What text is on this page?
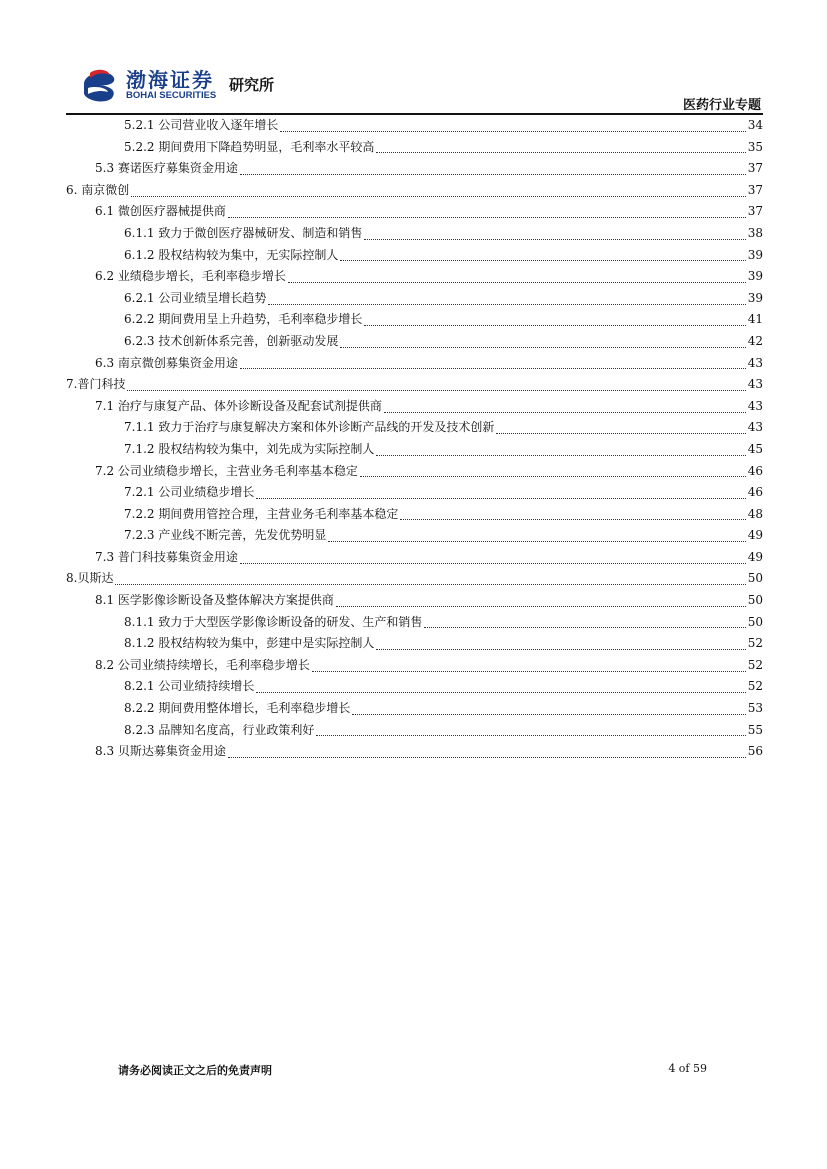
渤海证券
BOHAI SECURITIES
研究所
医药行业专题
5.2.1 公司营业收入逐年增长	34
5.2.2 期间费用下降趋势明显，毛利率水平较高	35
5.3 赛诺医疗募集资金用途	37
6. 南京微创	37
6.1 微创医疗器械提供商	37
6.1.1 致力于微创医疗器械研发、制造和销售	38
6.1.2 股权结构较为集中，无实际控制人	39
6.2 业绩稳步增长，毛利率稳步增长	39
6.2.1 公司业绩呈增长趋势	39
6.2.2 期间费用呈上升趋势，毛利率稳步增长	41
6.2.3 技术创新体系完善，创新驱动发展	42
6.3 南京微创募集资金用途	43
7.普门科技	43
7.1 治疗与康复产品、体外诊断设备及配套试剂提供商	43
7.1.1 致力于治疗与康复解决方案和体外诊断产品线的开发及技术创新	43
7.1.2 股权结构较为集中，刘先成为实际控制人	45
7.2 公司业绩稳步增长，主营业务毛利率基本稳定	46
7.2.1 公司业绩稳步增长	46
7.2.2 期间费用管控合理，主营业务毛利率基本稳定	48
7.2.3 产业线不断完善，先发优势明显	49
7.3 普门科技募集资金用途	49
8.贝斯达	50
8.1 医学影像诊断设备及整体解决方案提供商	50
8.1.1 致力于大型医学影像诊断设备的研发、生产和销售	50
8.1.2 股权结构较为集中，彭建中是实际控制人	52
8.2 公司业绩持续增长，毛利率稳步增长	52
8.2.1 公司业绩持续增长	52
8.2.2 期间费用整体增长，毛利率稳步增长	53
8.2.3 品牌知名度高，行业政策利好	55
8.3 贝斯达募集资金用途	56
请务必阅读正文之后的免责声明	4 of 59
